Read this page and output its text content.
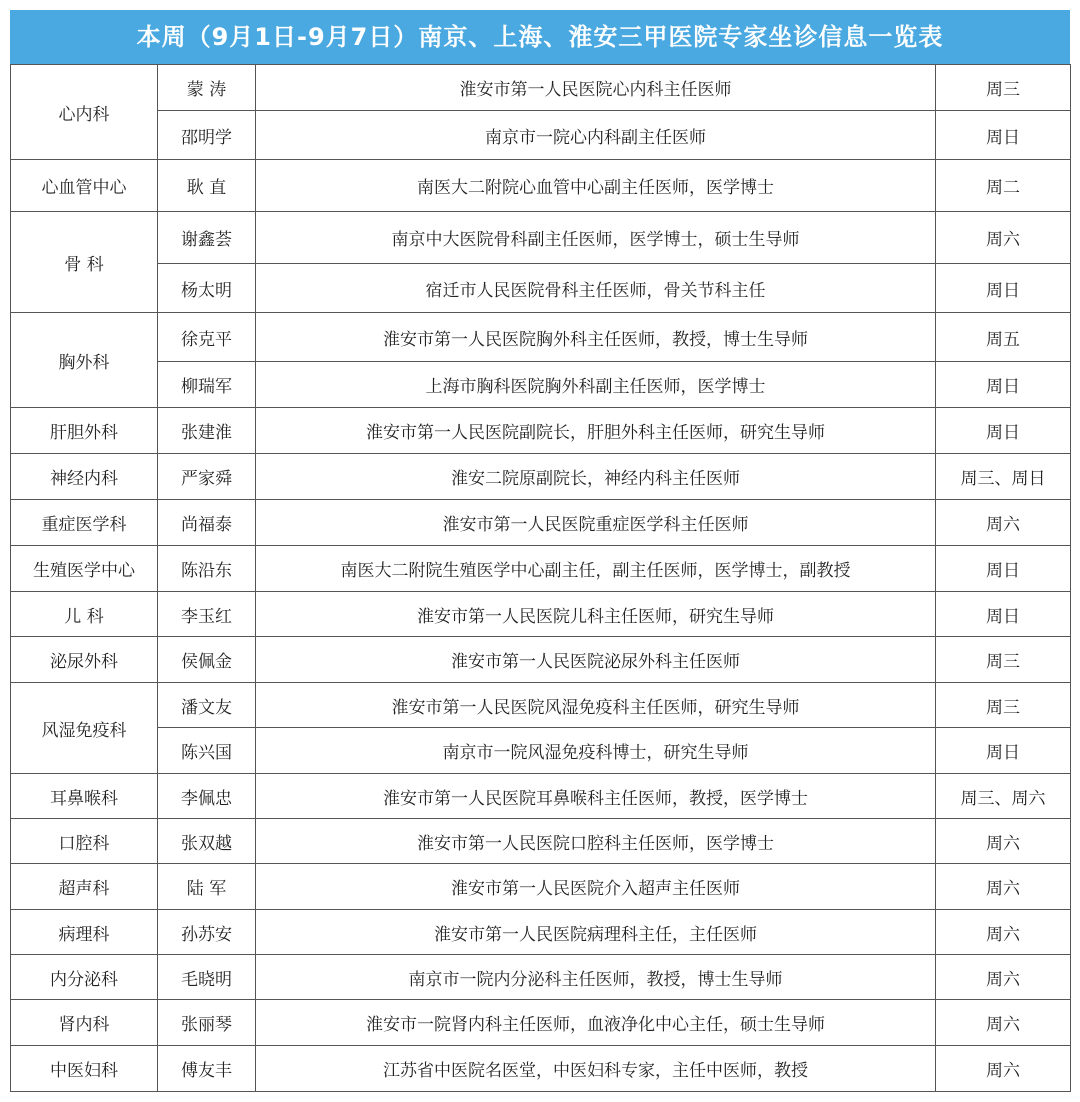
本周（9月1日-9月7日）南京、上海、淮安三甲医院专家坐诊信息一览表
心内科	蒙 涛	淮安市第一人民医院心内科主任医师	周三
	邵明学	南京市一院心内科副主任医师	周日
心血管中心	耿 直	南医大二附院心血管中心副主任医师，医学博士	周二
骨 科	谢鑫荟	南京中大医院骨科副主任医师，医学博士，硕士生导师	周六
	杨太明	宿迁市人民医院骨科主任医师，骨关节科主任	周日
胸外科	徐克平	淮安市第一人民医院胸外科主任医师，教授，博士生导师	周五
	柳瑞军	上海市胸科医院胸外科副主任医师，医学博士	周日
肝胆外科	张建淮	淮安市第一人民医院副院长，肝胆外科主任医师，研究生导师	周日
神经内科	严家舜	淮安二院原副院长，神经内科主任医师	周三、周日
重症医学科	尚福泰	淮安市第一人民医院重症医学科主任医师	周六
生殖医学中心	陈沿东	南医大二附院生殖医学中心副主任，副主任医师，医学博士，副教授	周日
儿 科	李玉红	淮安市第一人民医院儿科主任医师，研究生导师	周日
泌尿外科	侯佩金	淮安市第一人民医院泌尿外科主任医师	周三
风湿免疫科	潘文友	淮安市第一人民医院风湿免疫科主任医师，研究生导师	周三
	陈兴国	南京市一院风湿免疫科博士，研究生导师	周日
耳鼻喉科	李佩忠	淮安市第一人民医院耳鼻喉科主任医师，教授，医学博士	周三、周六
口腔科	张双越	淮安市第一人民医院口腔科主任医师，医学博士	周六
超声科	陆 军	淮安市第一人民医院介入超声主任医师	周六
病理科	孙苏安	淮安市第一人民医院病理科主任，主任医师	周六
内分泌科	毛晓明	南京市一院内分泌科主任医师，教授，博士生导师	周六
肾内科	张丽琴	淮安市一院肾内科主任医师，血液净化中心主任，硕士生导师	周六
中医妇科	傅友丰	江苏省中医院名医堂，中医妇科专家，主任中医师，教授	周六
